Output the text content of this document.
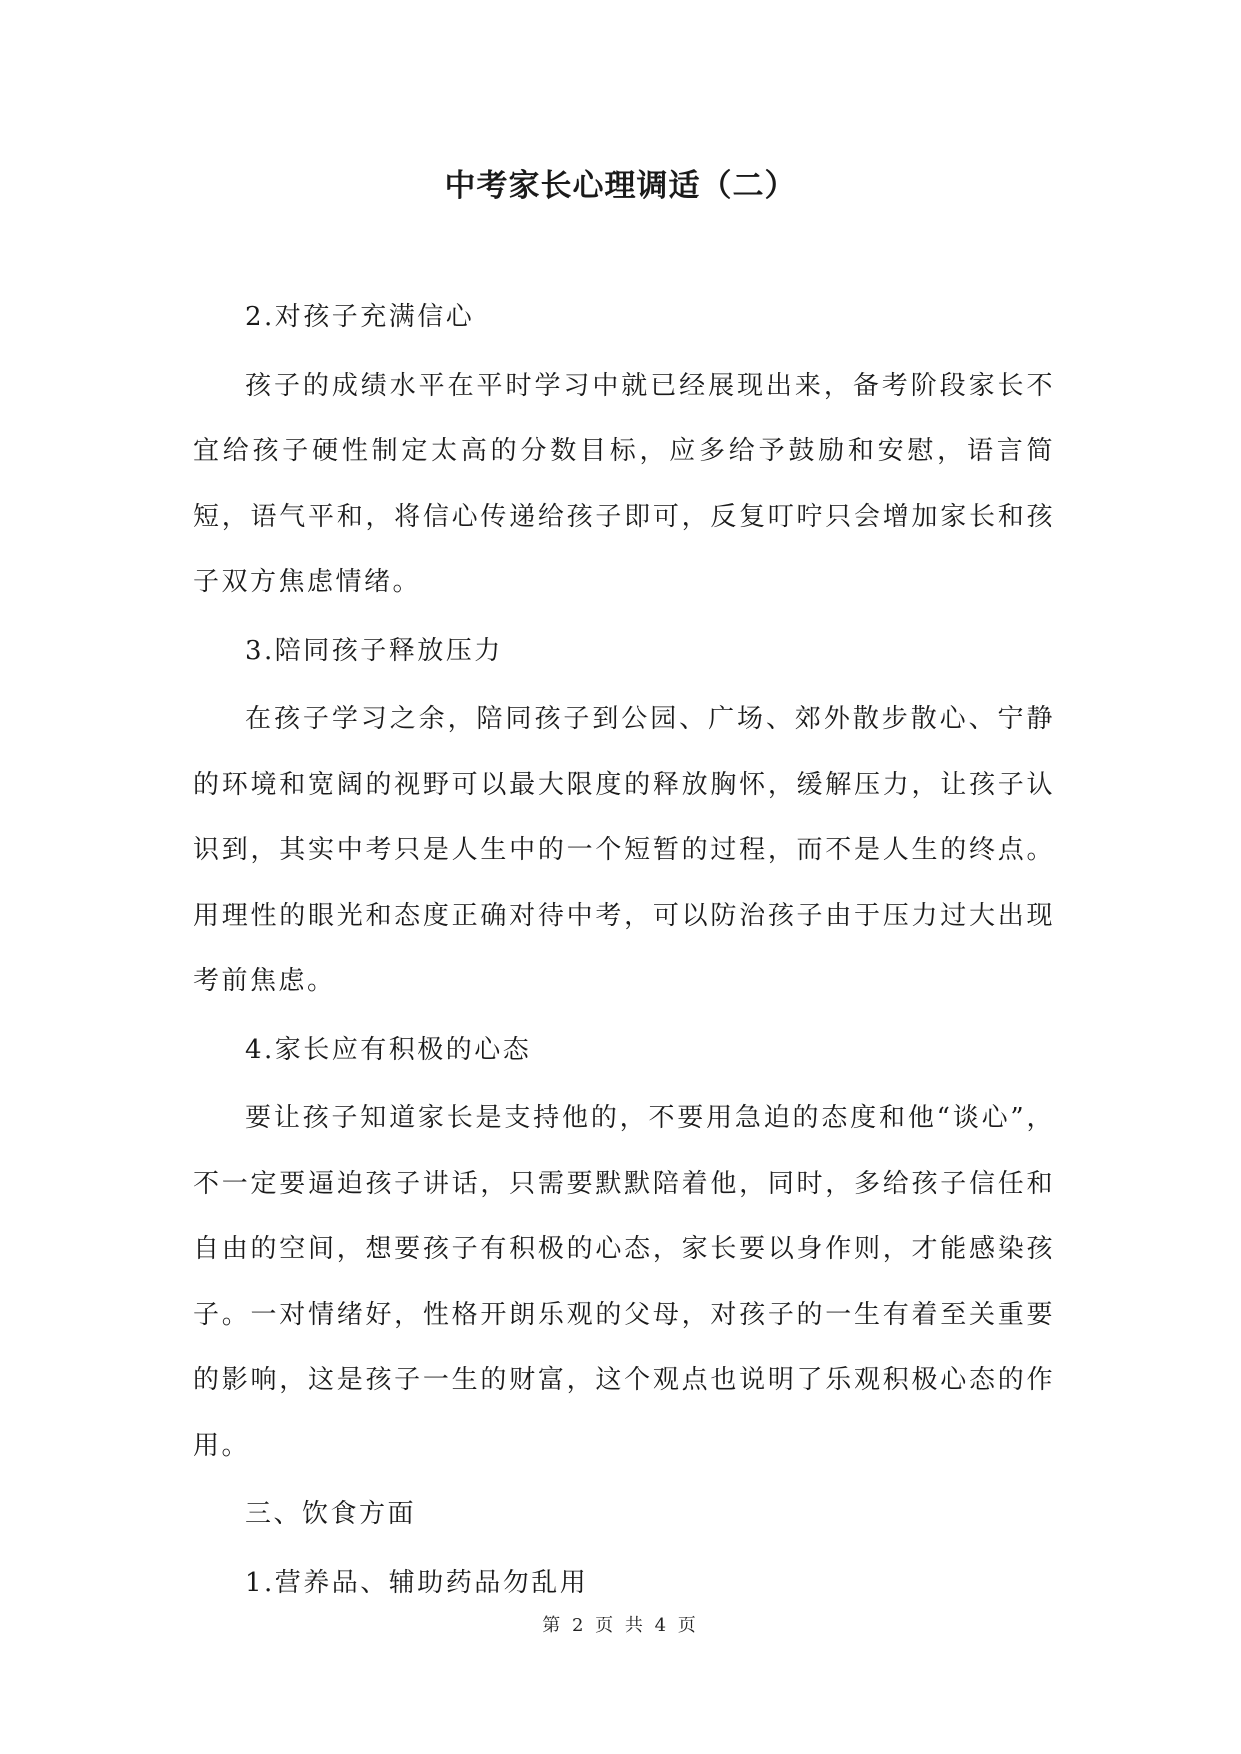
中考家长心理调适（二）

2.对孩子充满信心

孩子的成绩水平在平时学习中就已经展现出来，备考阶段家长不宜给孩子硬性制定太高的分数目标，应多给予鼓励和安慰，语言简短，语气平和，将信心传递给孩子即可，反复叮咛只会增加家长和孩子双方焦虑情绪。

3.陪同孩子释放压力

在孩子学习之余，陪同孩子到公园、广场、郊外散步散心、宁静的环境和宽阔的视野可以最大限度的释放胸怀，缓解压力，让孩子认识到，其实中考只是人生中的一个短暂的过程，而不是人生的终点。用理性的眼光和态度正确对待中考，可以防治孩子由于压力过大出现考前焦虑。

4.家长应有积极的心态

要让孩子知道家长是支持他的，不要用急迫的态度和他“谈心”，不一定要逼迫孩子讲话，只需要默默陪着他，同时，多给孩子信任和自由的空间，想要孩子有积极的心态，家长要以身作则，才能感染孩子。一对情绪好，性格开朗乐观的父母，对孩子的一生有着至关重要的影响，这是孩子一生的财富，这个观点也说明了乐观积极心态的作用。

三、饮食方面

1.营养品、辅助药品勿乱用

第 2 页 共 4 页
